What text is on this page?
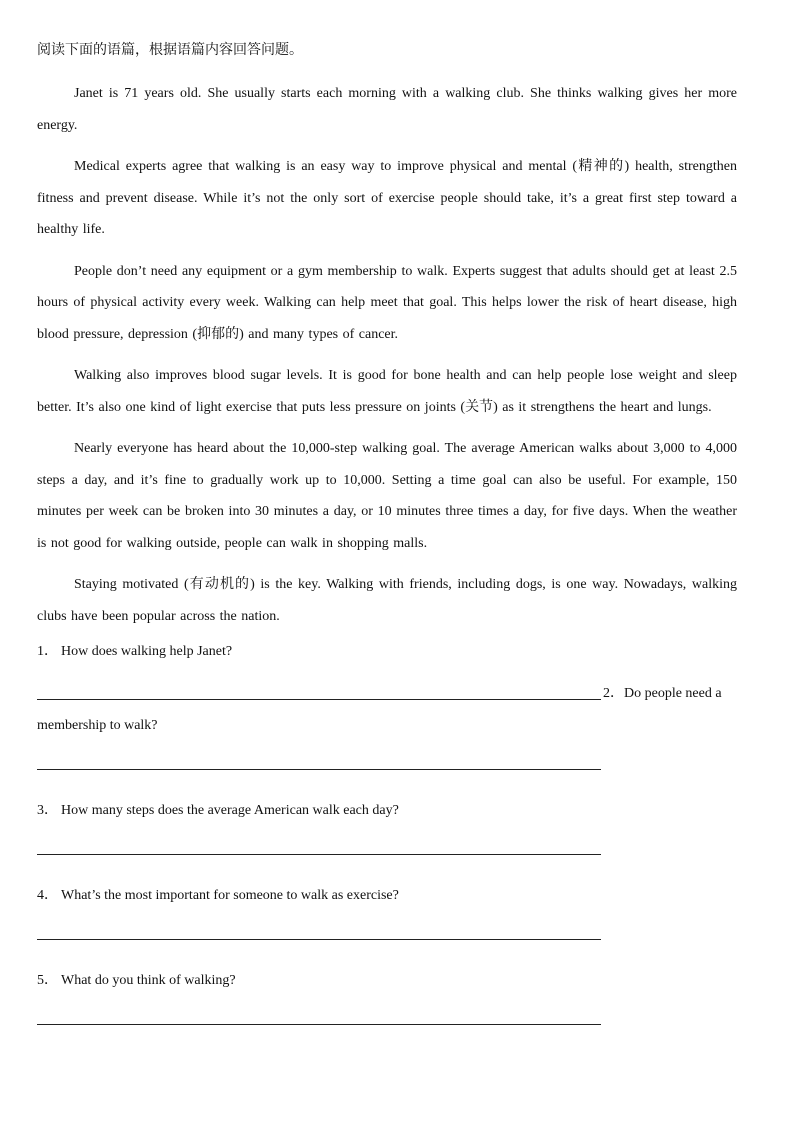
阅读下面的语篇，根据语篇内容回答问题。

Janet is 71 years old. She usually starts each morning with a walking club. She thinks walking gives her more energy.

Medical experts agree that walking is an easy way to improve physical and mental (精神的) health, strengthen fitness and prevent disease. While it’s not the only sort of exercise people should take, it’s a great first step toward a healthy life.

People don’t need any equipment or a gym membership to walk. Experts suggest that adults should get at least 2.5 hours of physical activity every week. Walking can help meet that goal. This helps lower the risk of heart disease, high blood pressure, depression (抑郁的) and many types of cancer.

Walking also improves blood sugar levels. It is good for bone health and can help people lose weight and sleep better. It’s also one kind of light exercise that puts less pressure on joints (关节) as it strengthens the heart and lungs.

Nearly everyone has heard about the 10,000-step walking goal. The average American walks about 3,000 to 4,000 steps a day, and it’s fine to gradually work up to 10,000. Setting a time goal can also be useful. For example, 150 minutes per week can be broken into 30 minutes a day, or 10 minutes three times a day, for five days. When the weather is not good for walking outside, people can walk in shopping malls.

Staying motivated (有动机的) is the key. Walking with friends, including dogs, is one way. Nowadays, walking clubs have been popular across the nation.

1． How does walking help Janet?

2．Do people need a

membership to walk?

3． How many steps does the average American walk each day?

4． What’s the most important for someone to walk as exercise?

5． What do you think of walking?
